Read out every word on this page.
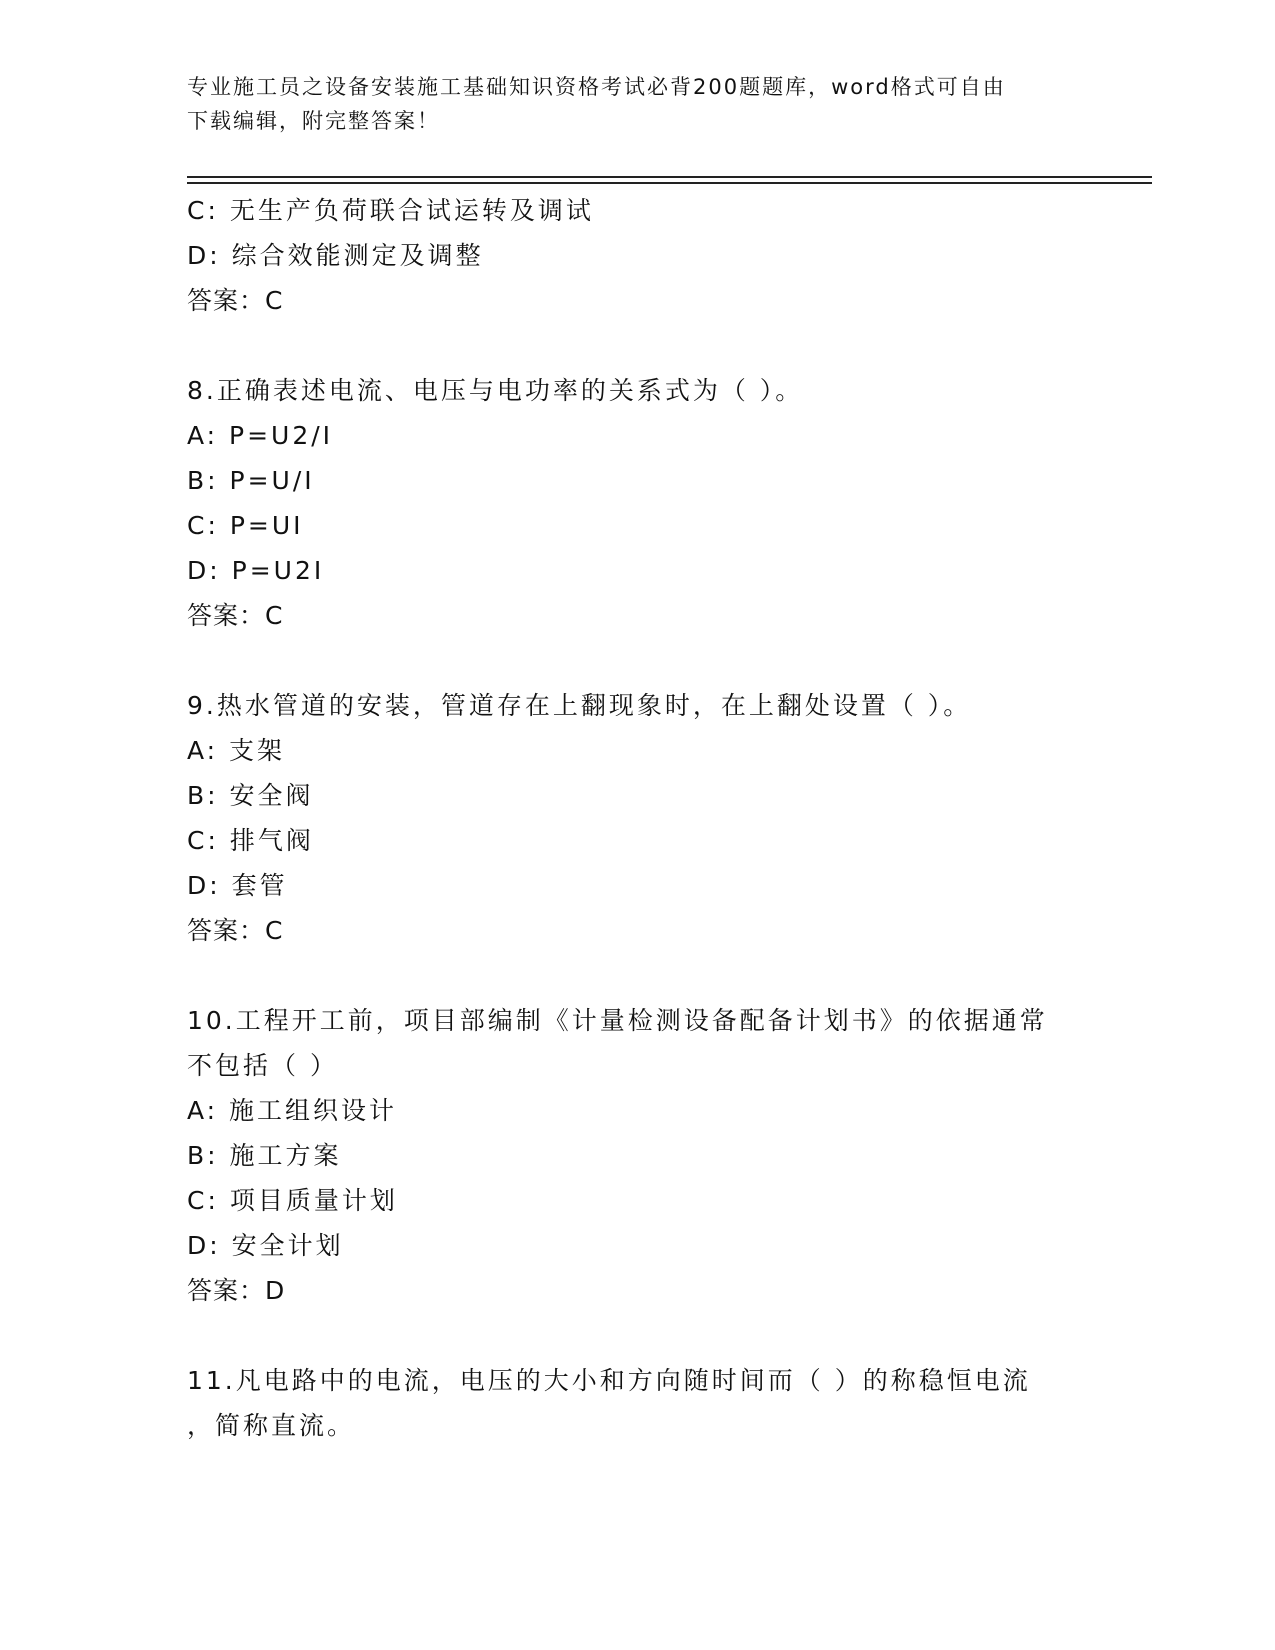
专业施工员之设备安装施工基础知识资格考试必背200题题库，word格式可自由
下载编辑，附完整答案！
C: 无生产负荷联合试运转及调试
D: 综合效能测定及调整
答案：C
8.正确表述电流、电压与电功率的关系式为（ ）。
A: P=U2/I
B: P=U/I
C: P=UI
D: P=U2I
答案：C
9.热水管道的安装，管道存在上翻现象时，在上翻处设置（ ）。
A: 支架
B: 安全阀
C: 排气阀
D: 套管
答案：C
10.工程开工前，项目部编制《计量检测设备配备计划书》的依据通常
不包括（ ）
A: 施工组织设计
B: 施工方案
C: 项目质量计划
D: 安全计划
答案：D
11.凡电路中的电流，电压的大小和方向随时间而（ ）的称稳恒电流
，简称直流。
